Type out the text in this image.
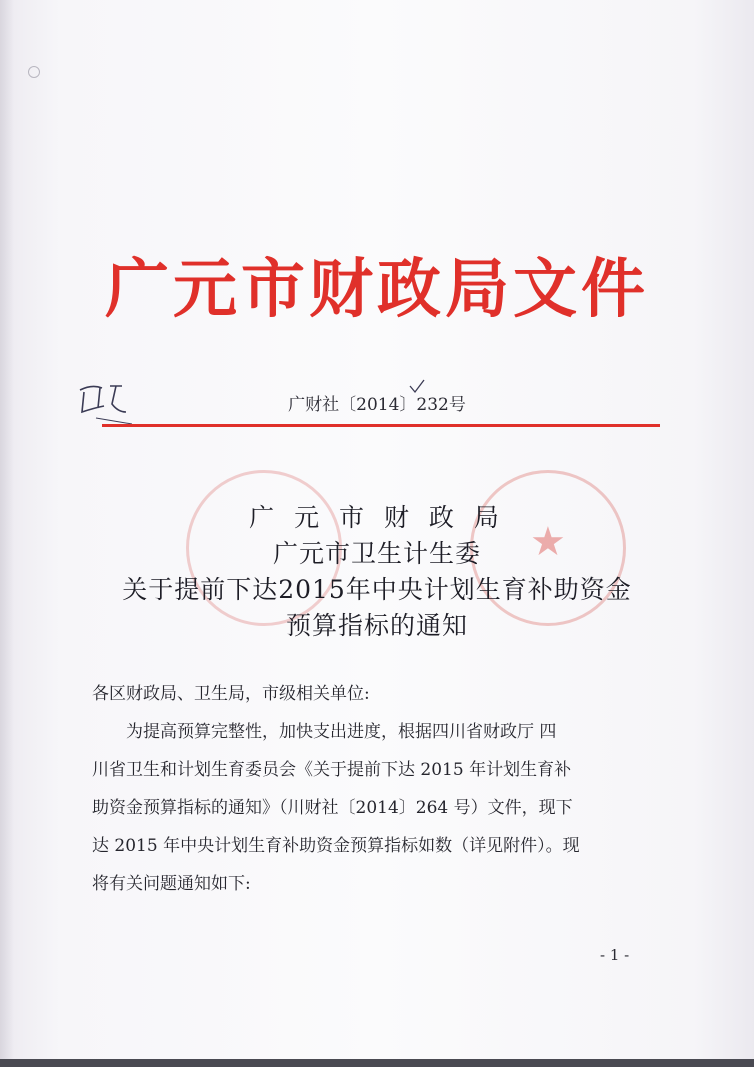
广元市财政局文件
广财社〔2014〕232号
★
广 元 市 财 政 局
广元市卫生计生委
关于提前下达2015年中央计划生育补助资金
预算指标的通知
各区财政局、卫生局，市级相关单位:
　　为提高预算完整性，加快支出进度，根据四川省财政厅 四
川省卫生和计划生育委员会《关于提前下达 2015 年计划生育补
助资金预算指标的通知》（川财社〔2014〕264 号）文件，现下
达 2015 年中央计划生育补助资金预算指标如数（详见附件）。现
将有关问题通知如下:
- 1 -
